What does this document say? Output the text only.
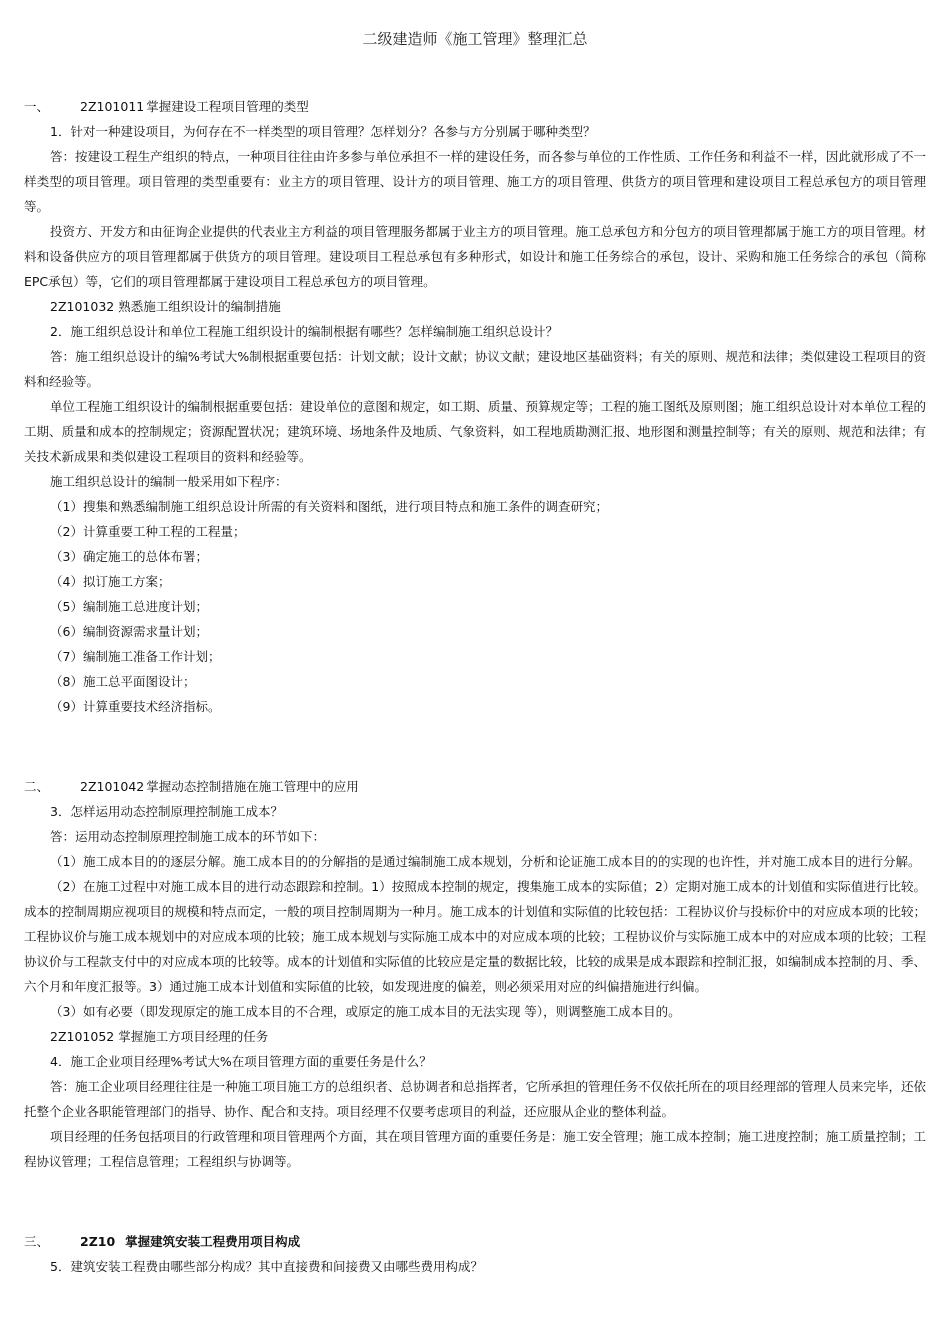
二级建造师《施工管理》整理汇总
一、	2Z101011 掌握建设工程项目管理的类型

1．针对一种建设项目，为何存在不一样类型的项目管理？怎样划分？各参与方分别属于哪种类型？

答：按建设工程生产组织的特点，一种项目往往由许多参与单位承担不一样的建设任务，而各参与单位的工作性质、工作任务和利益不一样，因此就形成了不一样类型的项目管理。项目管理的类型重要有：业主方的项目管理、设计方的项目管理、施工方的项目管理、供货方的项目管理和建设项目工程总承包方的项目管理等。

投资方、开发方和由征询企业提供的代表业主方利益的项目管理服务都属于业主方的项目管理。施工总承包方和分包方的项目管理都属于施工方的项目管理。材料和设备供应方的项目管理都属于供货方的项目管理。建设项目工程总承包有多种形式，如设计和施工任务综合的承包，设计、采购和施工任务综合的承包（简称EPC承包）等，它们的项目管理都属于建设项目工程总承包方的项目管理。

2Z101032 熟悉施工组织设计的编制措施

2．施工组织总设计和单位工程施工组织设计的编制根据有哪些？怎样编制施工组织总设计？

答：施工组织总设计的编%考试大%制根据重要包括：计划文献；设计文献；协议文献；建设地区基础资料；有关的原则、规范和法律；类似建设工程项目的资料和经验等。

单位工程施工组织设计的编制根据重要包括：建设单位的意图和规定，如工期、质量、预算规定等；工程的施工图纸及原则图；施工组织总设计对本单位工程的工期、质量和成本的控制规定；资源配置状况；建筑环境、场地条件及地质、气象资料，如工程地质勘测汇报、地形图和测量控制等；有关的原则、规范和法律；有关技术新成果和类似建设工程项目的资料和经验等。

施工组织总设计的编制一般采用如下程序：

（1）搜集和熟悉编制施工组织总设计所需的有关资料和图纸，进行项目特点和施工条件的调查研究；

（2）计算重要工种工程的工程量；

（3）确定施工的总体布署；

（4）拟订施工方案；

（5）编制施工总进度计划；

（6）编制资源需求量计划；

（7）编制施工准备工作计划；

（8）施工总平面图设计；

（9）计算重要技术经济指标。

二、	2Z101042 掌握动态控制措施在施工管理中的应用

3．怎样运用动态控制原理控制施工成本？

答：运用动态控制原理控制施工成本的环节如下：

（1）施工成本目的的逐层分解。施工成本目的的分解指的是通过编制施工成本规划，分析和论证施工成本目的的实现的也许性，并对施工成本目的进行分解。

（2）在施工过程中对施工成本目的进行动态跟踪和控制。1）按照成本控制的规定，搜集施工成本的实际值；2）定期对施工成本的计划值和实际值进行比较。成本的控制周期应视项目的规模和特点而定，一般的项目控制周期为一种月。施工成本的计划值和实际值的比较包括：工程协议价与投标价中的对应成本项的比较；工程协议价与施工成本规划中的对应成本项的比较；施工成本规划与实际施工成本中的对应成本项的比较；工程协议价与实际施工成本中的对应成本项的比较；工程协议价与工程款支付中的对应成本项的比较等。成本的计划值和实际值的比较应是定量的数据比较，比较的成果是成本跟踪和控制汇报，如编制成本控制的月、季、六个月和年度汇报等。3）通过施工成本计划值和实际值的比较，如发现进度的偏差，则必须采用对应的纠偏措施进行纠偏。

（3）如有必要（即发现原定的施工成本目的不合理，或原定的施工成本目的无法实现 等），则调整施工成本目的。

2Z101052 掌握施工方项目经理的任务

4．施工企业项目经理%考试大%在项目管理方面的重要任务是什么？

答：施工企业项目经理往往是一种施工项目施工方的总组织者、总协调者和总指挥者，它所承担的管理任务不仅依托所在的项目经理部的管理人员来完毕，还依托整个企业各职能管理部门的指导、协作、配合和支持。项目经理不仅要考虑项目的利益，还应服从企业的整体利益。

项目经理的任务包括项目的行政管理和项目管理两个方面，其在项目管理方面的重要任务是：施工安全管理；施工成本控制；施工进度控制；施工质量控制；工程协议管理；工程信息管理；工程组织与协调等。

三、	2Z10 掌握建筑安装工程费用项目构成

5．建筑安装工程费由哪些部分构成？其中直接费和间接费又由哪些费用构成？
